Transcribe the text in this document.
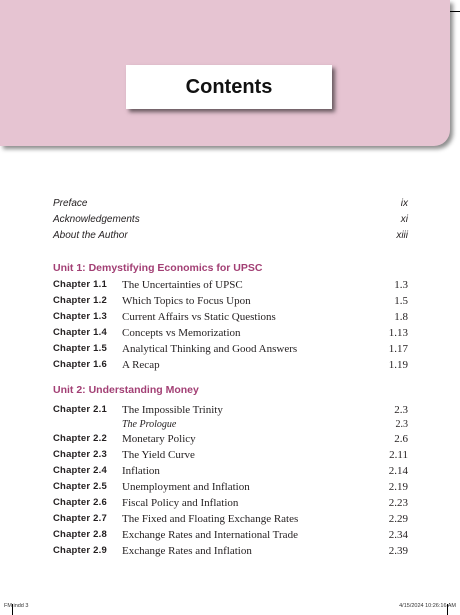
Contents
Preface	ix
Acknowledgements	xi
About the Author	xiii
Unit 1: Demystifying Economics for UPSC
Chapter 1.1 The Uncertainties of UPSC	1.3
Chapter 1.2 Which Topics to Focus Upon	1.5
Chapter 1.3 Current Affairs vs Static Questions	1.8
Chapter 1.4 Concepts vs Memorization	1.13
Chapter 1.5 Analytical Thinking and Good Answers	1.17
Chapter 1.6 A Recap	1.19
Unit 2: Understanding Money
Chapter 2.1 The Impossible Trinity	2.3
The Prologue	2.3
Chapter 2.2 Monetary Policy	2.6
Chapter 2.3 The Yield Curve	2.11
Chapter 2.4 Inflation	2.14
Chapter 2.5 Unemployment and Inflation	2.19
Chapter 2.6 Fiscal Policy and Inflation	2.23
Chapter 2.7 The Fixed and Floating Exchange Rates	2.29
Chapter 2.8 Exchange Rates and International Trade	2.34
Chapter 2.9 Exchange Rates and Inflation	2.39
FM.indd 3	4/15/2024 10:26:16 AM
